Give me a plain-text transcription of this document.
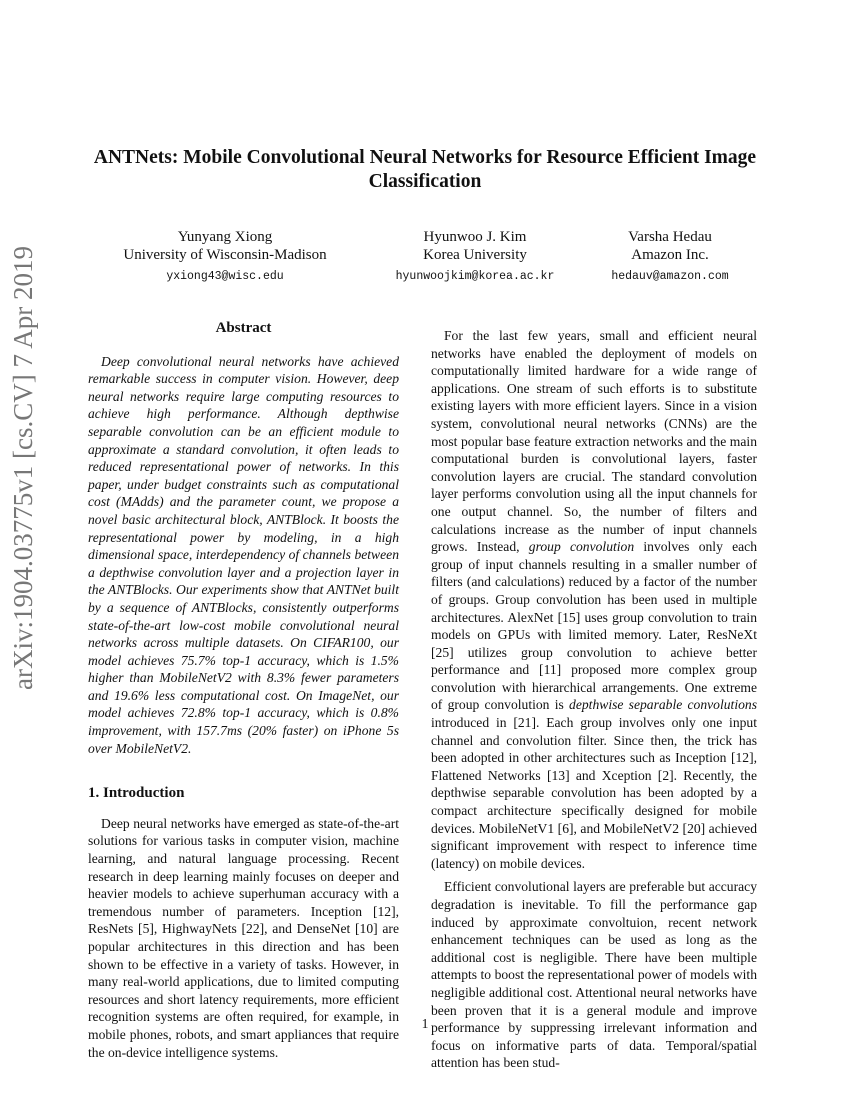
arXiv:1904.03775v1 [cs.CV] 7 Apr 2019
ANTNets: Mobile Convolutional Neural Networks for Resource Efficient Image Classification
Yunyang Xiong
University of Wisconsin-Madison
yxiong43@wisc.edu
Hyunwoo J. Kim
Korea University
hyunwoojkim@korea.ac.kr
Varsha Hedau
Amazon Inc.
hedauv@amazon.com
Abstract

Deep convolutional neural networks have achieved remarkable success in computer vision. However, deep neural networks require large computing resources to achieve high performance. Although depthwise separable convolution can be an efficient module to approximate a standard convolution, it often leads to reduced representational power of networks. In this paper, under budget constraints such as computational cost (MAdds) and the parameter count, we propose a novel basic architectural block, ANTBlock. It boosts the representational power by modeling, in a high dimensional space, interdependency of channels between a depthwise convolution layer and a projection layer in the ANTBlocks. Our experiments show that ANTNet built by a sequence of ANTBlocks, consistently outperforms state-of-the-art low-cost mobile convolutional neural networks across multiple datasets. On CIFAR100, our model achieves 75.7% top-1 accuracy, which is 1.5% higher than MobileNetV2 with 8.3% fewer parameters and 19.6% less computational cost. On ImageNet, our model achieves 72.8% top-1 accuracy, which is 0.8% improvement, with 157.7ms (20% faster) on iPhone 5s over MobileNetV2.

1. Introduction

Deep neural networks have emerged as state-of-the-art solutions for various tasks in computer vision, machine learning, and natural language processing. Recent research in deep learning mainly focuses on deeper and heavier models to achieve superhuman accuracy with a tremendous number of parameters. Inception [12], ResNets [5], HighwayNets [22], and DenseNet [10] are popular architectures in this direction and has been shown to be effective in a variety of tasks. However, in many real-world applications, due to limited computing resources and short latency requirements, more efficient recognition systems are often required, for example, in mobile phones, robots, and smart appliances that require the on-device intelligence systems.

For the last few years, small and efficient neural networks have enabled the deployment of models on computationally limited hardware for a wide range of applications. One stream of such efforts is to substitute existing layers with more efficient layers. Since in a vision system, convolutional neural networks (CNNs) are the most popular base feature extraction networks and the main computational burden is convolutional layers, faster convolution layers are crucial. The standard convolution layer performs convolution using all the input channels for one output channel. So, the number of filters and calculations increase as the number of input channels grows. Instead, group convolution involves only each group of input channels resulting in a smaller number of filters (and calculations) reduced by a factor of the number of groups. Group convolution has been used in multiple architectures. AlexNet [15] uses group convolution to train models on GPUs with limited memory. Later, ResNeXt [25] utilizes group convolution to achieve better performance and [11] proposed more complex group convolution with hierarchical arrangements. One extreme of group convolution is depthwise separable convolutions introduced in [21]. Each group involves only one input channel and convolution filter. Since then, the trick has been adopted in other architectures such as Inception [12], Flattened Networks [13] and Xception [2]. Recently, the depthwise separable convolution has been adopted by a compact architecture specifically designed for mobile devices. MobileNetV1 [6], and MobileNetV2 [20] achieved significant improvement with respect to inference time (latency) on mobile devices.

Efficient convolutional layers are preferable but accuracy degradation is inevitable. To fill the performance gap induced by approximate convoltuion, recent network enhancement techniques can be used as long as the additional cost is negligible. There have been multiple attempts to boost the representational power of models with negligible additional cost. Attentional neural networks have been proven that it is a general module and improve performance by suppressing irrelevant information and focus on informative parts of data. Temporal/spatial attention has been stud-

1
